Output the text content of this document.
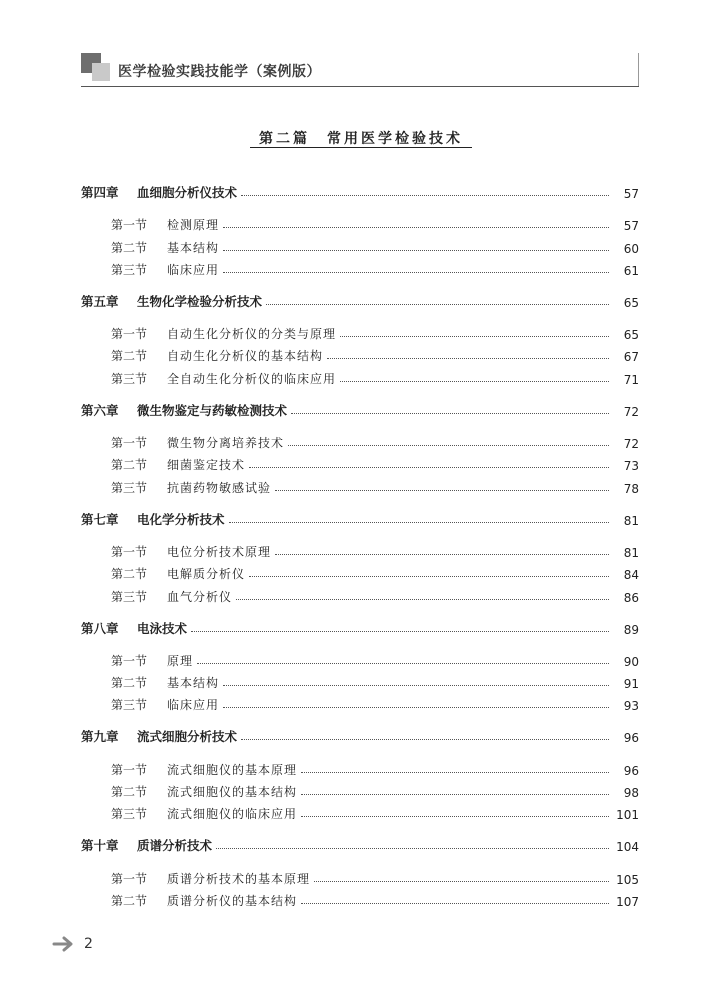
医学检验实践技能学（案例版）
第二篇　常用医学检验技术
第四章	血细胞分析仪技术	57
第一节	检测原理	57
第二节	基本结构	60
第三节	临床应用	61
第五章	生物化学检验分析技术	65
第一节	自动生化分析仪的分类与原理	65
第二节	自动生化分析仪的基本结构	67
第三节	全自动生化分析仪的临床应用	71
第六章	微生物鉴定与药敏检测技术	72
第一节	微生物分离培养技术	72
第二节	细菌鉴定技术	73
第三节	抗菌药物敏感试验	78
第七章	电化学分析技术	81
第一节	电位分析技术原理	81
第二节	电解质分析仪	84
第三节	血气分析仪	86
第八章	电泳技术	89
第一节	原理	90
第二节	基本结构	91
第三节	临床应用	93
第九章	流式细胞分析技术	96
第一节	流式细胞仪的基本原理	96
第二节	流式细胞仪的基本结构	98
第三节	流式细胞仪的临床应用	101
第十章	质谱分析技术	104
第一节	质谱分析技术的基本原理	105
第二节	质谱分析仪的基本结构	107
2
